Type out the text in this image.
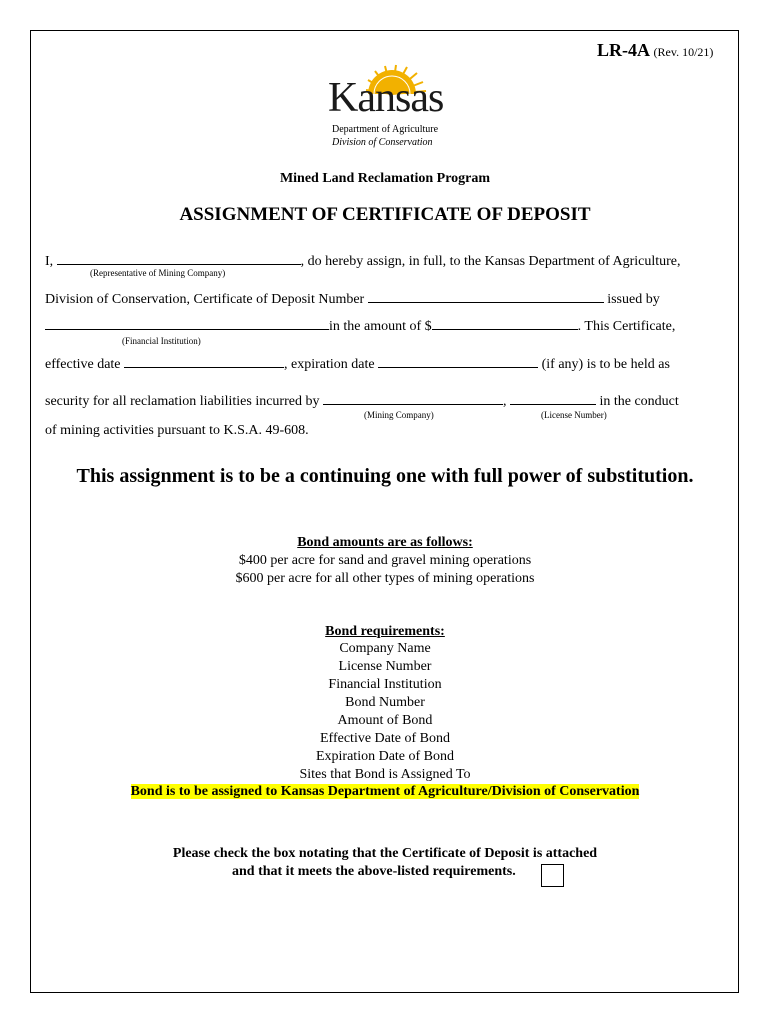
LR-4A (Rev. 10/21)
Kansas
Department of Agriculture
Division of Conservation
Mined Land Reclamation Program
ASSIGNMENT OF CERTIFICATE OF DEPOSIT
I,	, do hereby assign, in full, to the Kansas Department of Agriculture,
(Representative of Mining Company)
Division of Conservation, Certificate of Deposit Number	issued by
in the amount of $	. This Certificate,
(Financial Institution)
effective date	, expiration date	(if any) is to be held as
security for all reclamation liabilities incurred by	,	in the conduct
(Mining Company)	(License Number)
of mining activities pursuant to K.S.A. 49-608.
This assignment is to be a continuing one with full power of substitution.
Bond amounts are as follows:
$400 per acre for sand and gravel mining operations
$600 per acre for all other types of mining operations
Bond requirements:
Company Name
License Number
Financial Institution
Bond Number
Amount of Bond
Effective Date of Bond
Expiration Date of Bond
Sites that Bond is Assigned To
Bond is to be assigned to Kansas Department of Agriculture/Division of Conservation
Please check the box notating that the Certificate of Deposit is attached
and that it meets the above-listed requirements.
